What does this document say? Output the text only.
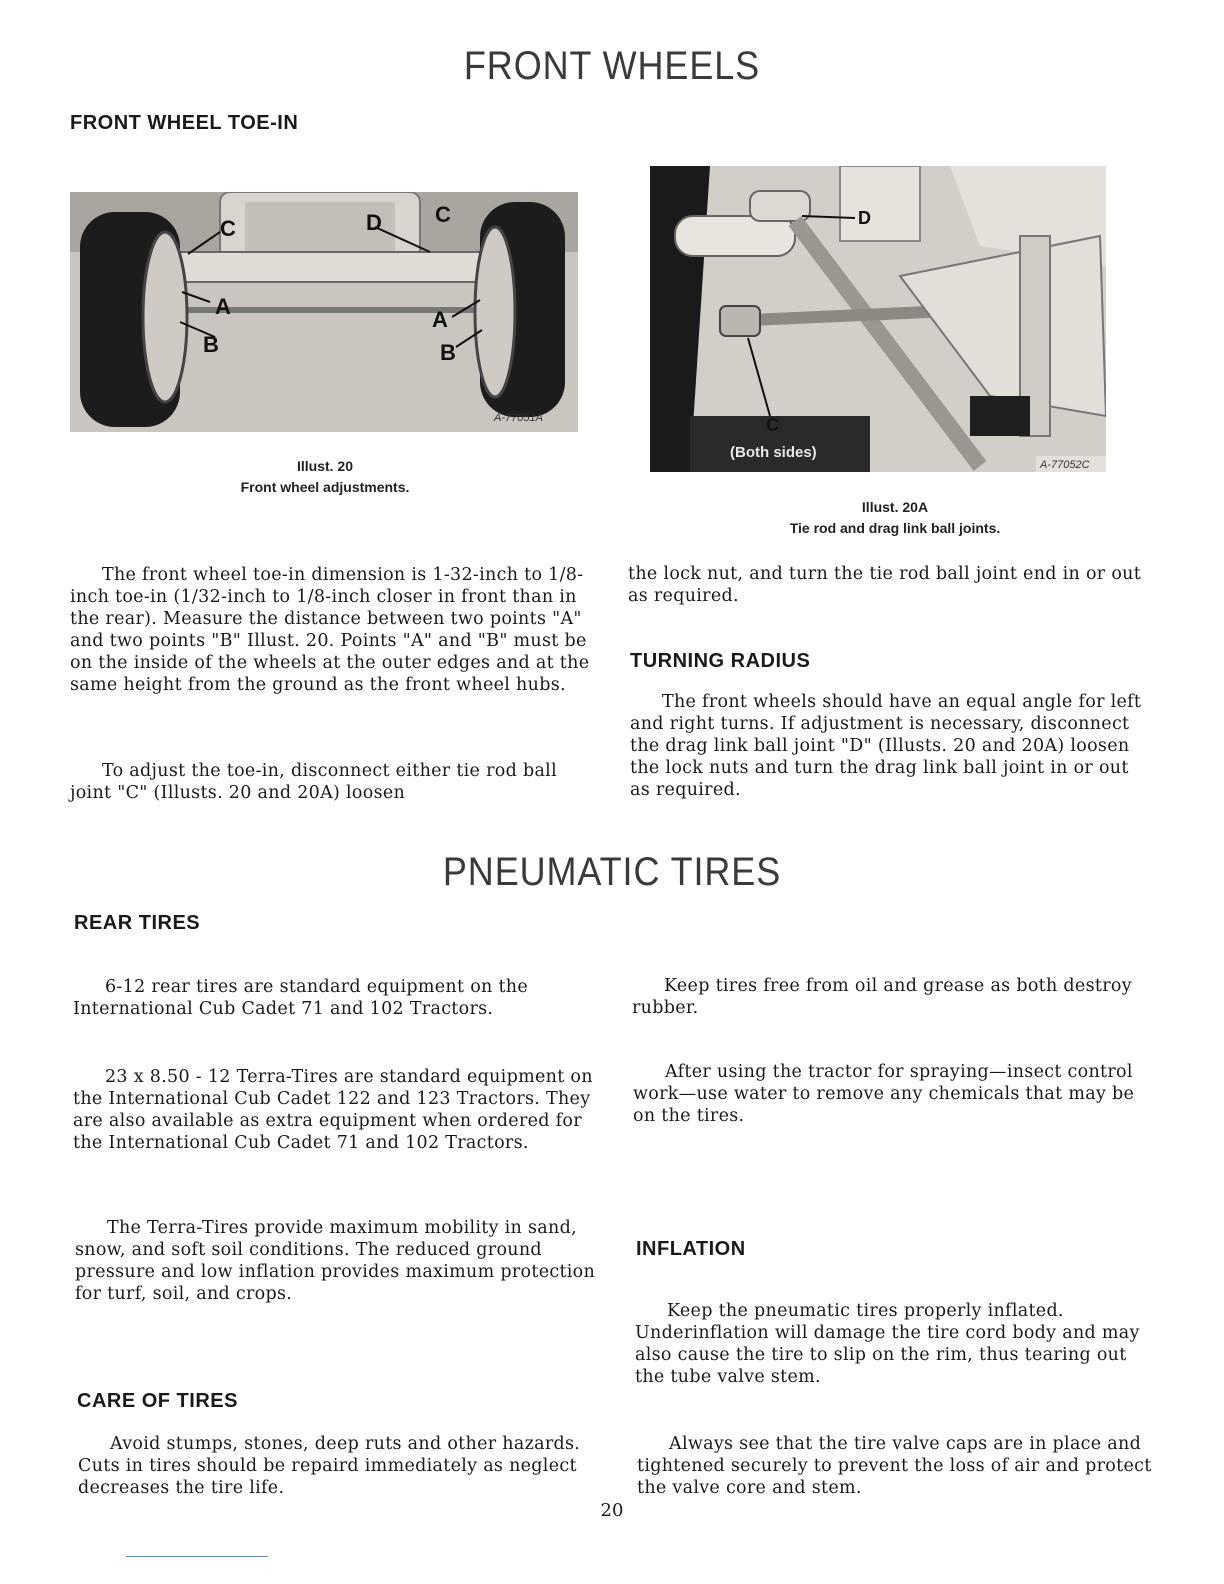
FRONT WHEELS
FRONT WHEEL TOE-IN
C	D C
A
A
B	B
A-77051A
Illust. 20
Front wheel adjustments.
D
C
(Both sides)
A-77052C
Illust. 20A
Tie rod and drag link ball joints.

The front wheel toe-in dimension is 1-32-inch to 1/8-inch toe-in (1/32-inch to 1/8-inch closer in front than in the rear). Measure the distance between two points "A" and two points "B" Illust. 20. Points "A" and "B" must be on the inside of the wheels at the outer edges and at the same height from the ground as the front wheel hubs.

To adjust the toe-in, disconnect either tie rod ball joint "C" (Illusts. 20 and 20A) loosen

the lock nut, and turn the tie rod ball joint end in or out as required.

TURNING RADIUS

The front wheels should have an equal angle for left and right turns. If adjustment is necessary, disconnect the drag link ball joint "D" (Illusts. 20 and 20A) loosen the lock nuts and turn the drag link ball joint in or out as required.

PNEUMATIC TIRES
REAR TIRES

6-12 rear tires are standard equipment on the International Cub Cadet 71 and 102 Tractors.

23 x 8.50 - 12 Terra-Tires are standard equipment on the International Cub Cadet 122 and 123 Tractors. They are also available as extra equipment when ordered for the International Cub Cadet 71 and 102 Tractors.

The Terra-Tires provide maximum mobility in sand, snow, and soft soil conditions. The reduced ground pressure and low inflation provides maximum protection for turf, soil, and crops.

CARE OF TIRES

Avoid stumps, stones, deep ruts and other hazards. Cuts in tires should be repaird immediately as neglect decreases the tire life.

Keep tires free from oil and grease as both destroy rubber.

After using the tractor for spraying—insect control work—use water to remove any chemicals that may be on the tires.

INFLATION

Keep the pneumatic tires properly inflated. Underinflation will damage the tire cord body and may also cause the tire to slip on the rim, thus tearing out the tube valve stem.

Always see that the tire valve caps are in place and tightened securely to prevent the loss of air and protect the valve core and stem.

20
